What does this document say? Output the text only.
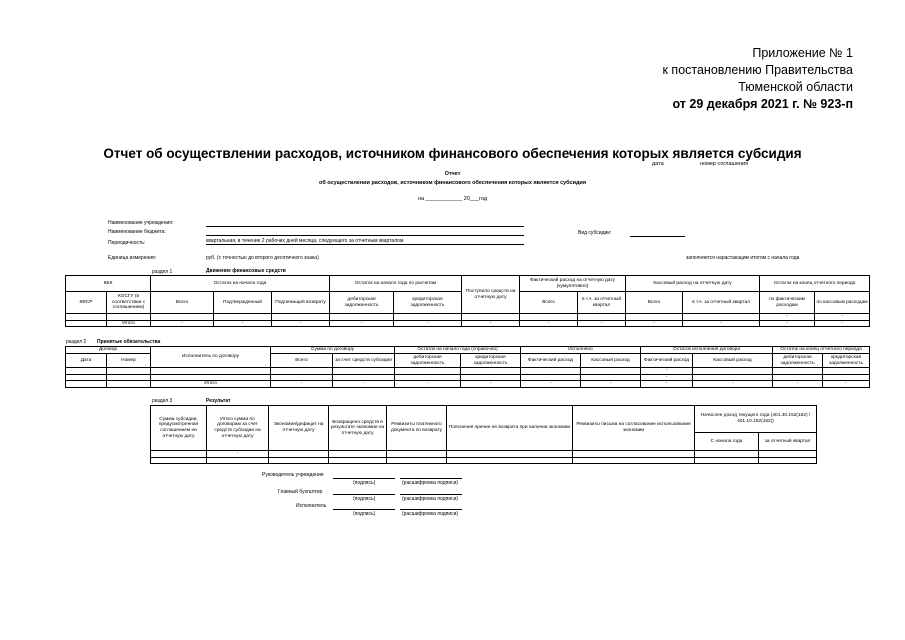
Приложение № 1
к постановлению Правительства
Тюменской области
от 29 декабря 2021 г. № 923-п
Отчет об осуществлении расходов, источником финансового обеспечения которых является субсидия
дата	номер соглашения
Отчет
об осуществлении расходов, источником финансового обеспечения которых является субсидия
на ____________ 20___год
Наименование учреждения:
Наименование бюджета:	Вид субсидии:
Периодичность:	квартальная, в течение 2 рабочих дней месяца, следующего за отчетным кварталом
Единица измерения:	руб. (с точностью до второго десятичного знака)	заполняется нарастающим итогом с начала года
раздел 1	Движение финансовых средств
КБК		Остаток на начало года			Остаток на начало года по расчетам		Поступило средств на отчетную дату	Фактический расход на отчетную дату (кумулятивно)		Кассовый расход на отчетную дату		Остаток на конец отчетного периода	
КФСР	КОСГУ (в соответствии с соглашением)	Всего	Подтвержденный	Подлежащий возврату	дебиторская задолженность	кредиторская задолженность		Всего	в т.ч. за отчетный квартал	Всего	в т.ч. за отчетный квартал	по фактическим расходам	по кассовым расходам
												-	-
	Итого	-	-	-	-	-	-	-	-	-	-	-	-
раздел 2 Принятые обязательства
Договор		Исполнитель по договору	Сумма по договору		Остаток на начало года (справочно)		Исполнено		Остаток исполнения договора		Остаток на конец отчетного периода	
Дата	Номер		Всего	за счет средств субсидии	дебиторская задолженность	кредиторская задолженность	Фактический расход	Кассовый расход	Фактический расход	Кассовый расход	дебиторская задолженность	кредиторская задолженность
									-			
									-			
		Итого	-	-	-	-	-	-	-	-	-	-
раздел 3	Результат
Сумма субсидии, предусмотренная соглашением на отчетную дату	Итого сумма по договорам за счет средств субсидии на отчетную дату	Экономия/дефицит на отчетную дату	Возвращено средств в результате экономии на отчетную дату	Реквизиты платежного документа по возврату	Пояснения причин не возврата при наличии экономии	Реквизиты письма на согласование использования экономии	Начислен доход текущего года (401.40.152(162) / 401.10.152(162))	
							С начала года	за отчетный квартал
	-							

Руководитель учреждения
(подпись)	(расшифровка подписи)
Главный бухгалтер
(подпись)	(расшифровка подписи)
Исполнитель
(подпись)	(расшифровка подписи)
